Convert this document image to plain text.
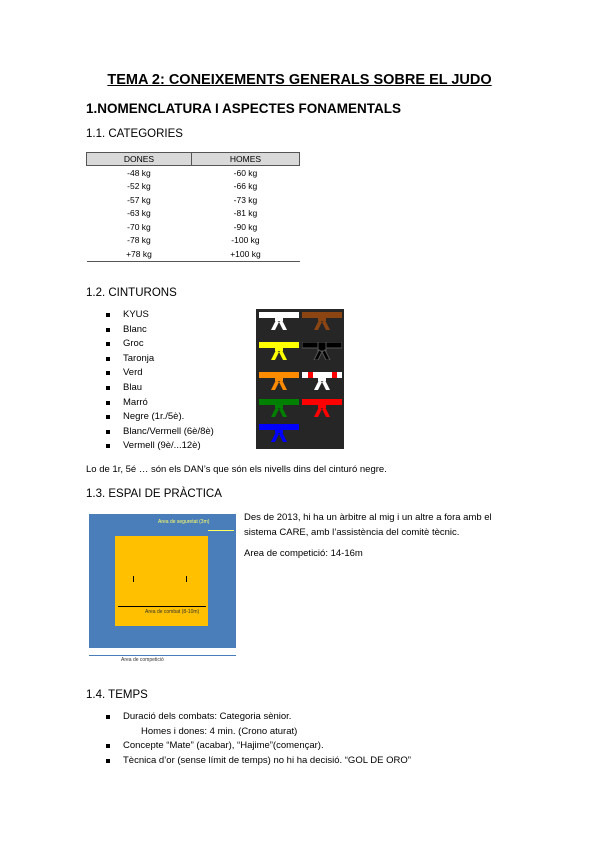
TEMA 2: CONEIXEMENTS GENERALS SOBRE EL JUDO
1.NOMENCLATURA I ASPECTES FONAMENTALS
1.1. CATEGORIES
DONES	HOMES
-48 kg	-60 kg
-52 kg	-66 kg
-57 kg	-73 kg
-63 kg	-81 kg
-70 kg	-90 kg
-78 kg	-100 kg
+78 kg	+100 kg
1.2. CINTURONS
KYUS
Blanc
Groc
Taronja
Verd
Blau
Marró
Negre (1r./5è).
Blanc/Vermell (6è/8è)
Vermell (9è/...12è)
Lo de 1r, 5é … són els DAN’s que són els nivells dins del cinturó negre.
1.3. ESPAI DE PRÀCTICA
Area de combat (8-10m)
Area de seguretat (3m)
Area de competició
Des de 2013, hi ha un àrbitre al mig i un altre a fora amb el sistema CARE, amb l’assistència del comitè tècnic.
Area de competició: 14-16m
1.4. TEMPS
Duració dels combats: Categoria sènior.
Homes i dones: 4 min. (Crono aturat)
Concepte “Mate” (acabar), “Hajime”(començar).
Tècnica d’or (sense límit de temps) no hi ha decisió. “GOL DE ORO”
